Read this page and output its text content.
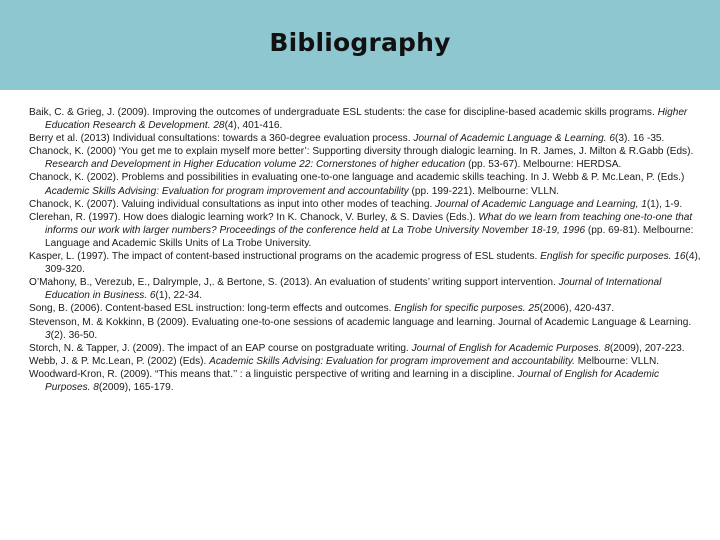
Bibliography

Baik, C. & Grieg, J. (2009). Improving the outcomes of undergraduate ESL students: the case for discipline-based academic skills programs. Higher Education Research & Development. 28(4), 401-416.

Berry et al. (2013) Individual consultations: towards a 360-degree evaluation process. Journal of Academic Language & Learning. 6(3). 16 -35.

Chanock, K. (2000) ‘You get me to explain myself more better’: Supporting diversity through dialogic learning. In R. James, J. Milton & R.Gabb (Eds). Research and Development in Higher Education volume 22: Cornerstones of higher education (pp. 53-67). Melbourne: HERDSA.

Chanock, K. (2002). Problems and possibilities in evaluating one-to-one language and academic skills teaching. In J. Webb & P. Mc.Lean, P. (Eds.) Academic Skills Advising: Evaluation for program improvement and accountability (pp. 199-221). Melbourne: VLLN.

Chanock, K. (2007). Valuing individual consultations as input into other modes of teaching. Journal of Academic Language and Learning, 1(1), 1-9.

Clerehan, R. (1997). How does dialogic learning work? In K. Chanock, V. Burley, & S. Davies (Eds.). What do we learn from teaching one-to-one that informs our work with larger numbers? Proceedings of the conference held at La Trobe University November 18-19, 1996 (pp. 69-81). Melbourne: Language and Academic Skills Units of La Trobe University.

Kasper, L. (1997). The impact of content-based instructional programs on the academic progress of ESL students. English for specific purposes. 16(4), 309-320.

O’Mahony, B., Verezub, E., Dalrymple, J,. & Bertone, S. (2013). An evaluation of students’ writing support intervention. Journal of International Education in Business. 6(1), 22-34.

Song, B. (2006). Content-based ESL instruction: long-term effects and outcomes. English for specific purposes. 25(2006), 420-437.

Stevenson, M. & Kokkinn, B (2009). Evaluating one-to-one sessions of academic language and learning. Journal of Academic Language & Learning. 3(2). 36-50.

Storch, N. & Tapper, J. (2009). The impact of an EAP course on postgraduate writing. Journal of English for Academic Purposes. 8(2009), 207-223.

Webb, J. & P. Mc.Lean, P. (2002) (Eds). Academic Skills Advising: Evaluation for program improvement and accountability. Melbourne: VLLN.

Woodward-Kron, R. (2009). “This means that.’’ : a linguistic perspective of writing and learning in a discipline. Journal of English for Academic Purposes. 8(2009), 165-179.
